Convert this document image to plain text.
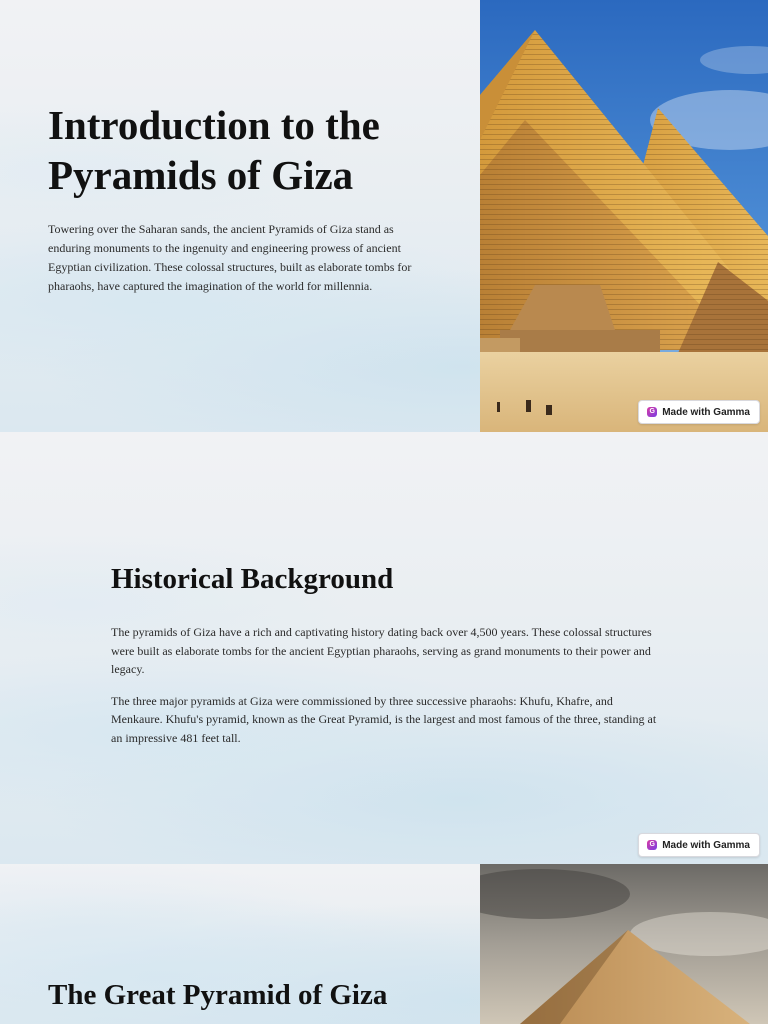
Introduction to the Pyramids of Giza

Towering over the Saharan sands, the ancient Pyramids of Giza stand as enduring monuments to the ingenuity and engineering prowess of ancient Egyptian civilization. These colossal structures, built as elaborate tombs for pharaohs, have captured the imagination of the world for millennia.

G Made with Gamma
Historical Background

The pyramids of Giza have a rich and captivating history dating back over 4,500 years. These colossal structures were built as elaborate tombs for the ancient Egyptian pharaohs, serving as grand monuments to their power and legacy.

The three major pyramids at Giza were commissioned by three successive pharaohs: Khufu, Khafre, and Menkaure. Khufu's pyramid, known as the Great Pyramid, is the largest and most famous of the three, standing at an impressive 481 feet tall.

G Made with Gamma
The Great Pyramid of Giza
